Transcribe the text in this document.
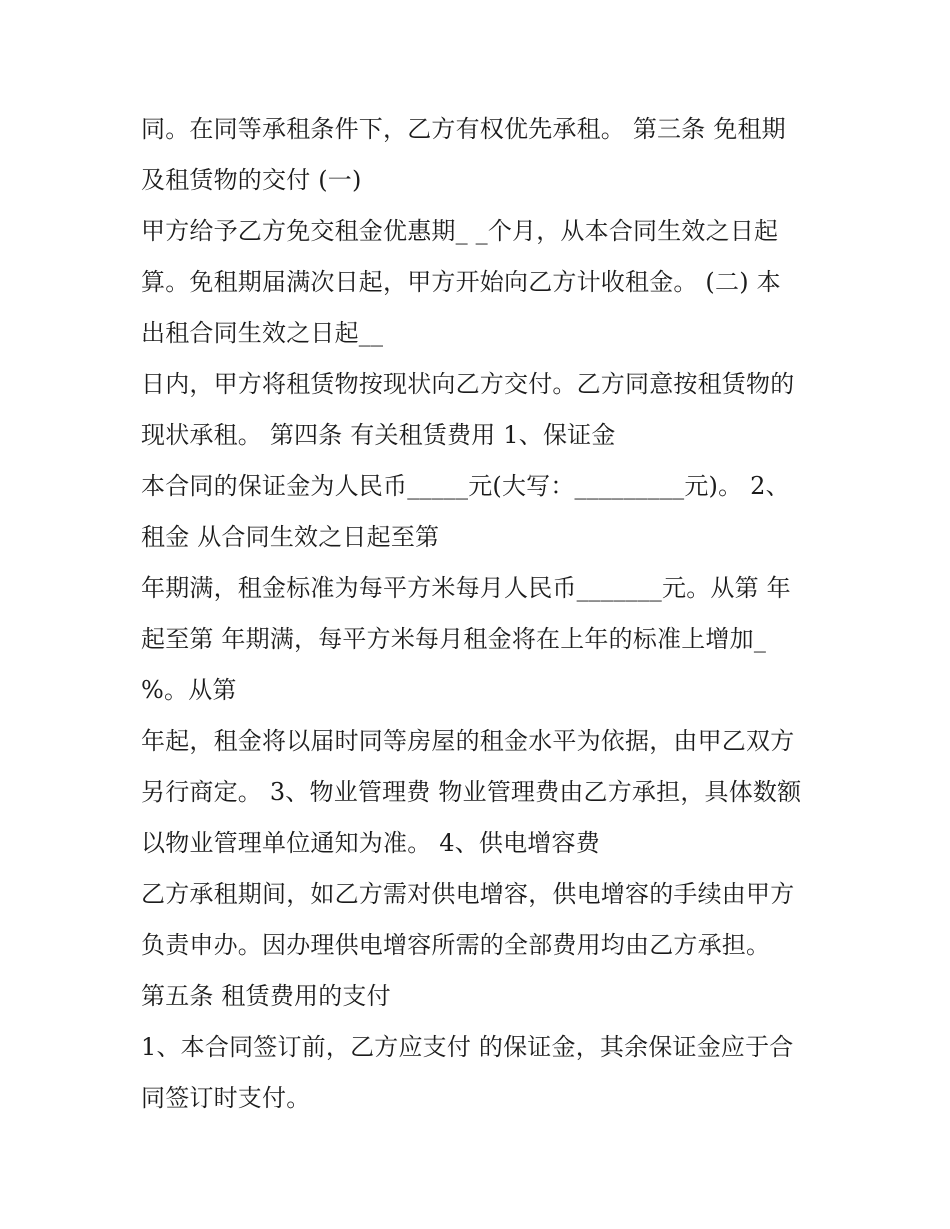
同。在同等承租条件下，乙方有权优先承租。 第三条 免租期
及租赁物的交付 (一)
甲方给予乙方免交租金优惠期_ _个月，从本合同生效之日起
算。免租期届满次日起，甲方开始向乙方计收租金。 (二) 本
出租合同生效之日起__
日内，甲方将租赁物按现状向乙方交付。乙方同意按租赁物的
现状承租。 第四条 有关租赁费用 1、保证金
本合同的保证金为人民币_____元(大写：_________元)。 2、
租金 从合同生效之日起至第
年期满，租金标准为每平方米每月人民币_______元。从第 年
起至第 年期满，每平方米每月租金将在上年的标准上增加_
%。从第
年起，租金将以届时同等房屋的租金水平为依据，由甲乙双方
另行商定。 3、物业管理费 物业管理费由乙方承担，具体数额
以物业管理单位通知为准。 4、供电增容费
乙方承租期间，如乙方需对供电增容，供电增容的手续由甲方
负责申办。因办理供电增容所需的全部费用均由乙方承担。
第五条 租赁费用的支付
1、本合同签订前，乙方应支付 的保证金，其余保证金应于合
同签订时支付。
